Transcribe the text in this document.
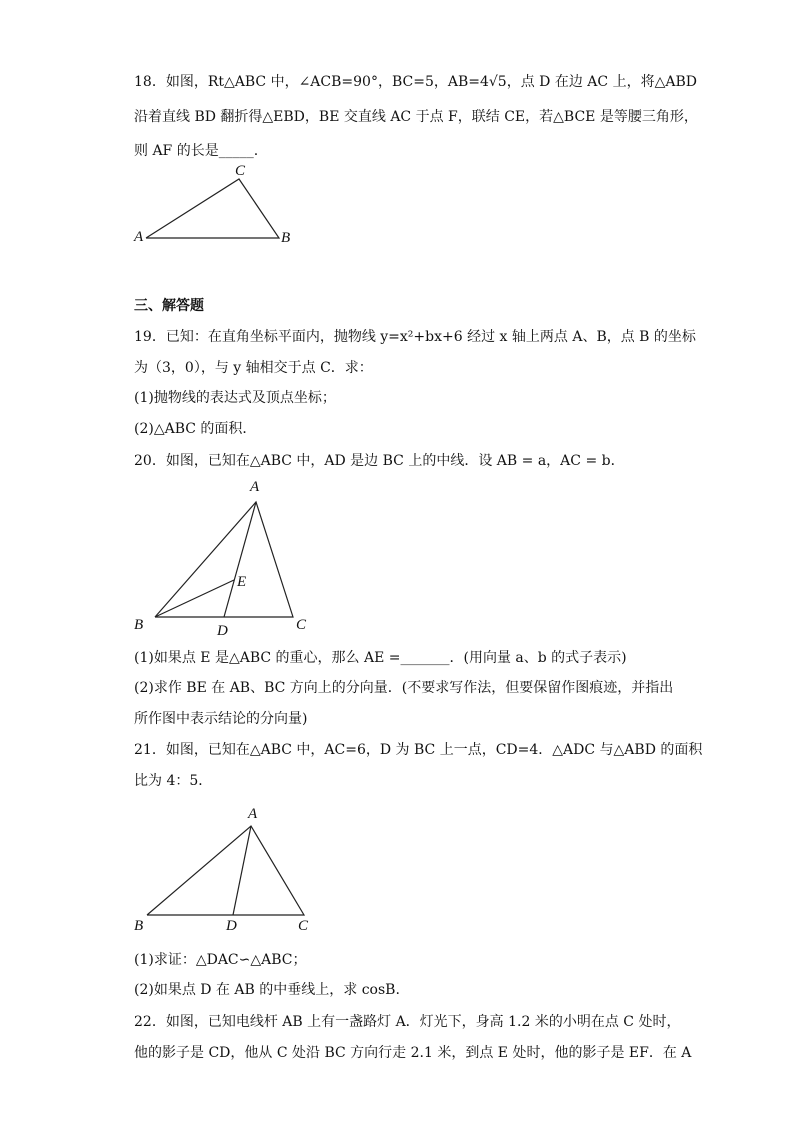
18．如图，Rt△ABC 中，∠ACB=90°，BC=5，AB=4√5，点 D 在边 AC 上，将△ABD
沿着直线 BD 翻折得△EBD，BE 交直线 AC 于点 F，联结 CE，若△BCE 是等腰三角形，
则 AF 的长是_____.
A
C
B
三、解答题
19．已知：在直角坐标平面内，抛物线 y=x²+bx+6 经过 x 轴上两点 A、B，点 B 的坐标
为（3，0），与 y 轴相交于点 C．求：
(1)抛物线的表达式及顶点坐标；
(2)△ABC 的面积．
20．如图，已知在△ABC 中，AD 是边 BC 上的中线．设 AB = a，AC = b．
A
E
B	D	C
(1)如果点 E 是△ABC 的重心，那么 AE =_______．(用向量 a、b 的式子表示)
(2)求作 BE 在 AB、BC 方向上的分向量．(不要求写作法，但要保留作图痕迹，并指出
所作图中表示结论的分向量)
21．如图，已知在△ABC 中，AC=6，D 为 BC 上一点，CD=4．△ADC 与△ABD 的面积
比为 4：5．
A
B	D	C
(1)求证：△DAC∽△ABC；
(2)如果点 D 在 AB 的中垂线上，求 cosB.
22．如图，已知电线杆 AB 上有一盏路灯 A．灯光下，身高 1.2 米的小明在点 C 处时，
他的影子是 CD，他从 C 处沿 BC 方向行走 2.1 米，到点 E 处时，他的影子是 EF．在 A
